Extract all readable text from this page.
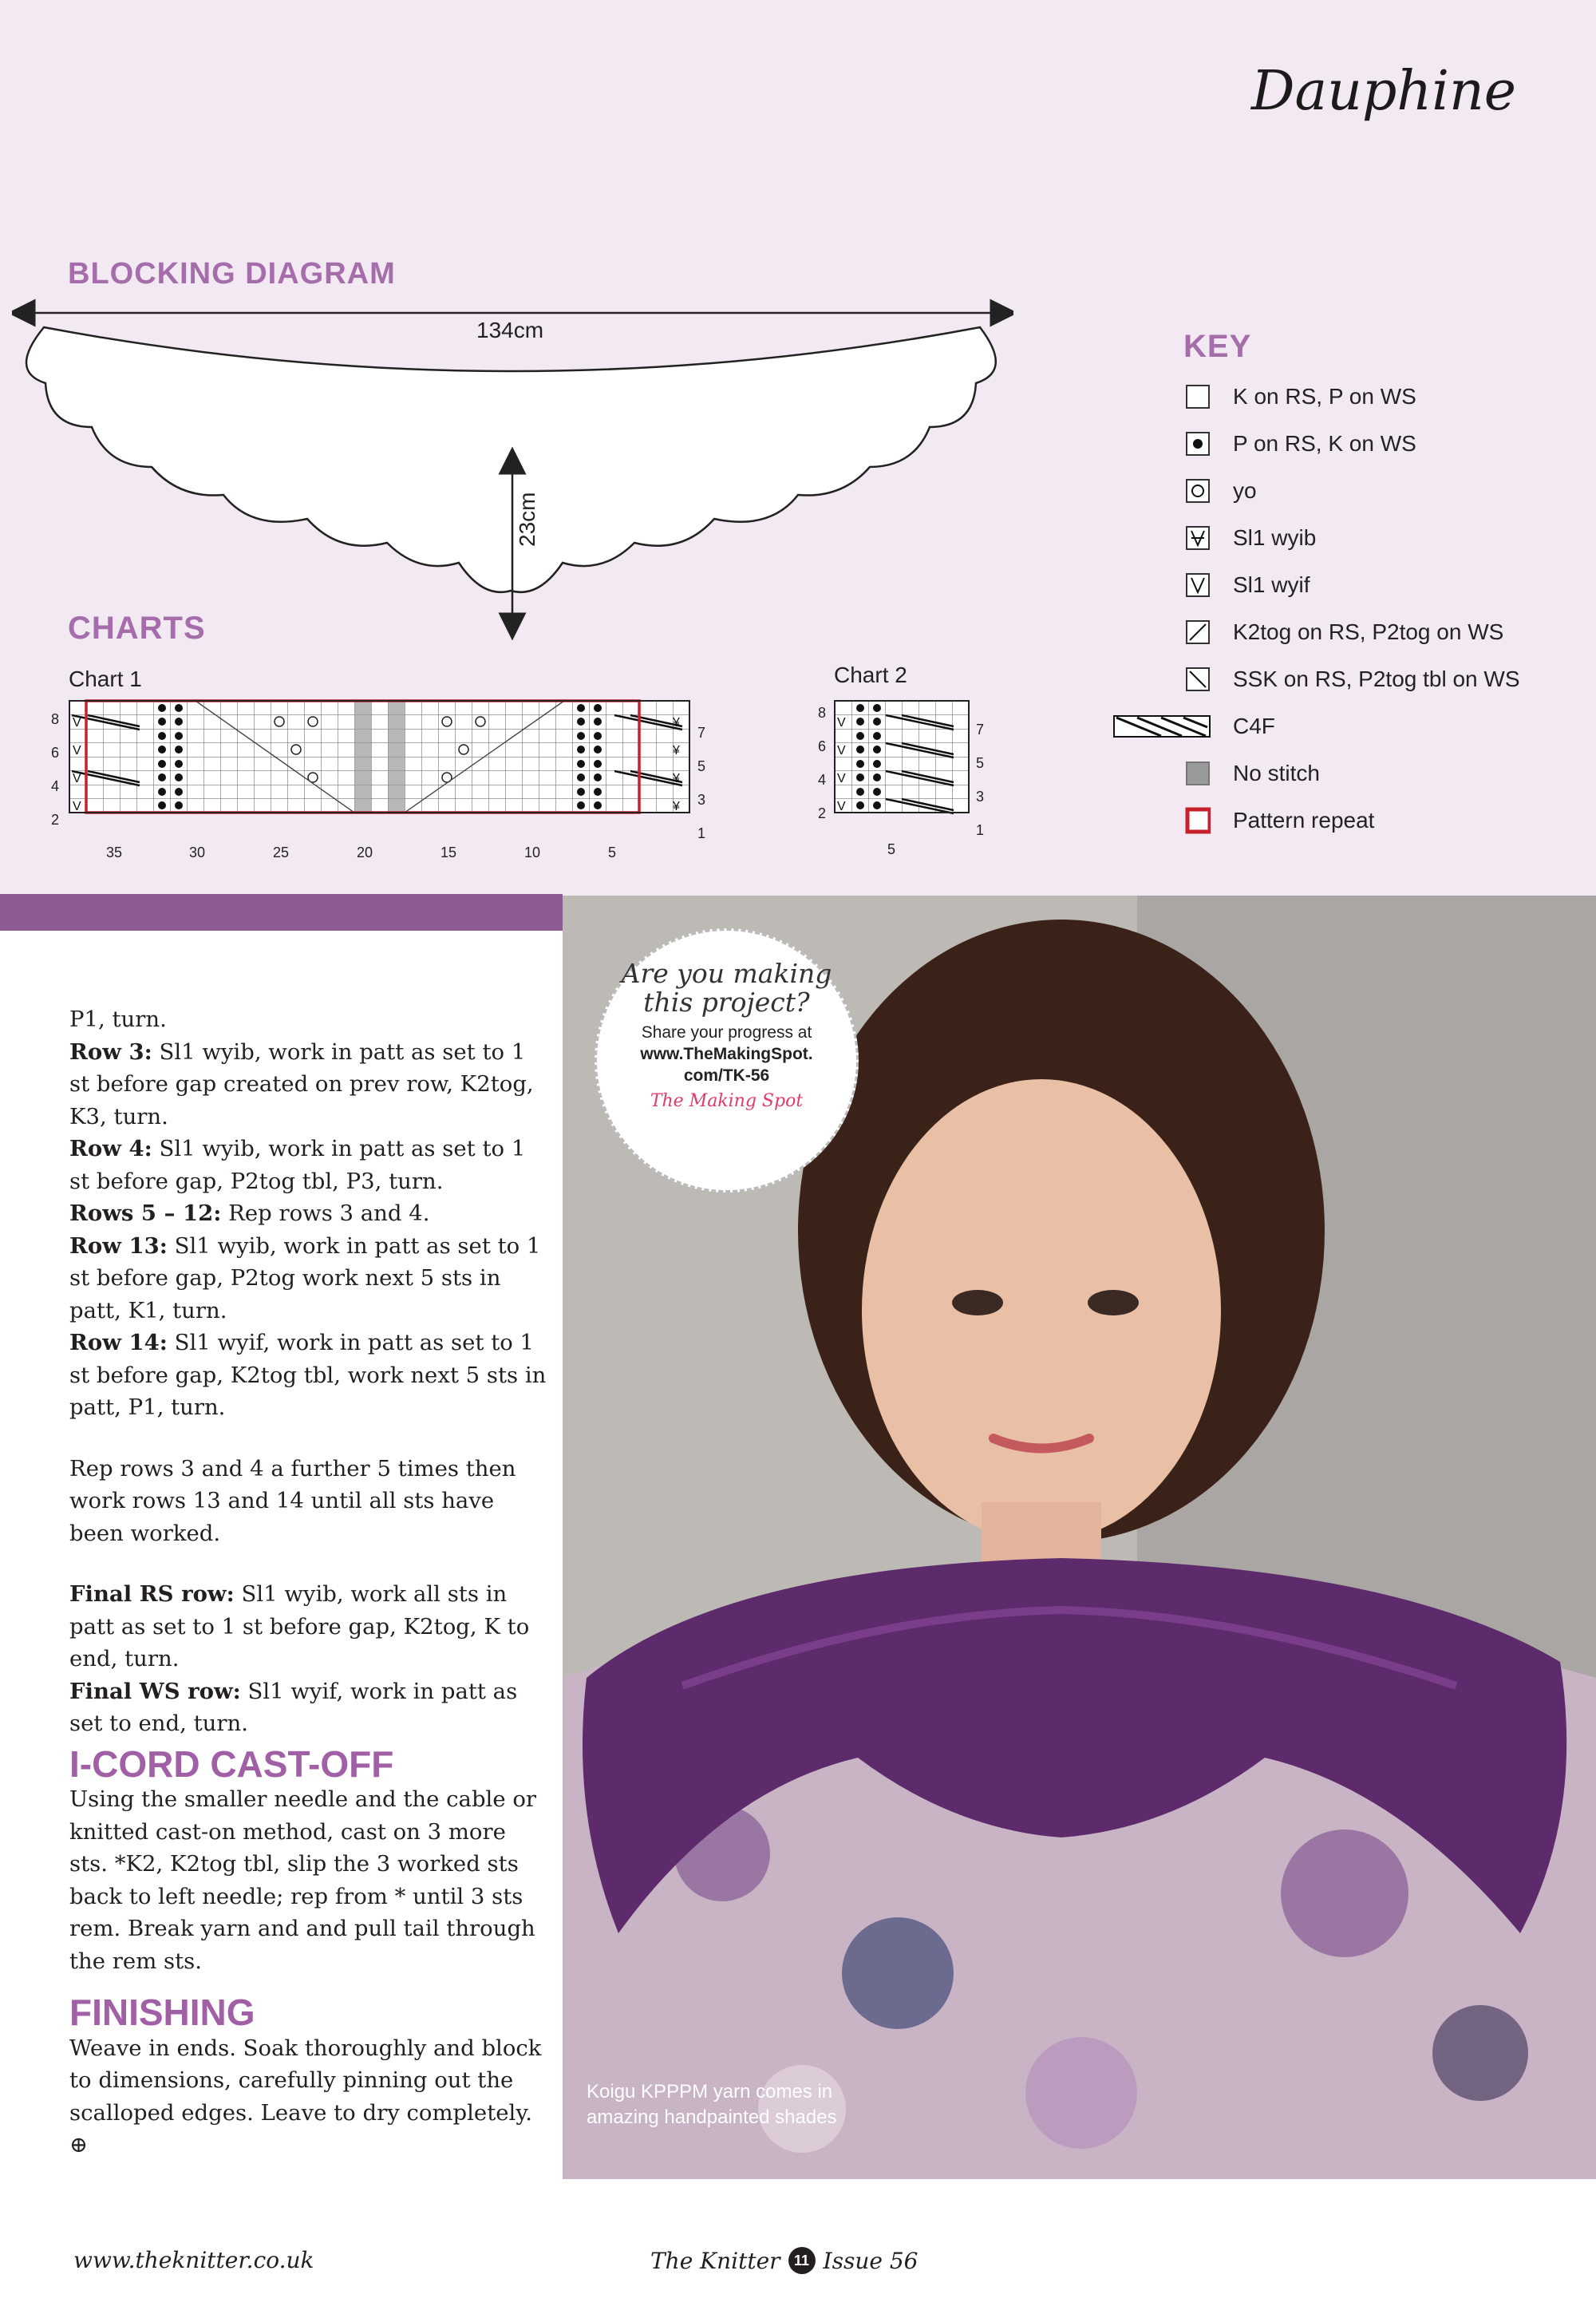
Dauphine
BLOCKING DIAGRAM
134cm
23cm
CHARTS
Chart 1	Chart 2
V
V
V
V
¥
¥
¥
¥
8
6
4
2
7
5
3
1
35	30	25	20	15	10	5
V
V
V
V
8
6
4
2
7
5
3
1
5
KEY
K on RS, P on WS
P on RS, K on WS
yo
Sl1 wyib
Sl1 wyif
K2tog on RS, P2tog on WS
SSK on RS, P2tog tbl on WS
C4F
No stitch
Pattern repeat

P1, turn.

Row 3: Sl1 wyib, work in patt as set to 1 st before gap created on prev row, K2tog, K3, turn.

Row 4: Sl1 wyib, work in patt as set to 1 st before gap, P2tog tbl, P3, turn.

Rows 5 – 12: Rep rows 3 and 4.

Row 13: Sl1 wyib, work in patt as set to 1 st before gap, P2tog work next 5 sts in patt, K1, turn.

Row 14: Sl1 wyif, work in patt as set to 1 st before gap, K2tog tbl, work next 5 sts in patt, P1, turn.

Rep rows 3 and 4 a further 5 times then work rows 13 and 14 until all sts have been worked.

Final RS row: Sl1 wyib, work all sts in patt as set to 1 st before gap, K2tog, K to end, turn.

Final WS row: Sl1 wyif, work in patt as set to end, turn.

I-CORD CAST-OFF

Using the smaller needle and the cable or knitted cast-on method, cast on 3 more sts. *K2, K2tog tbl, slip the 3 worked sts back to left needle; rep from * until 3 sts rem. Break yarn and and pull tail through the rem sts.

FINISHING

Weave in ends. Soak thoroughly and block to dimensions, carefully pinning out the scalloped edges. Leave to dry completely. ⊕

Are you making this project?
Share your progress at
www.TheMakingSpot.
com/TK-56
The Making Spot
Koigu KPPPM yarn comes in amazing handpainted shades
www.theknitter.co.uk	The Knitter 11 Issue 56
